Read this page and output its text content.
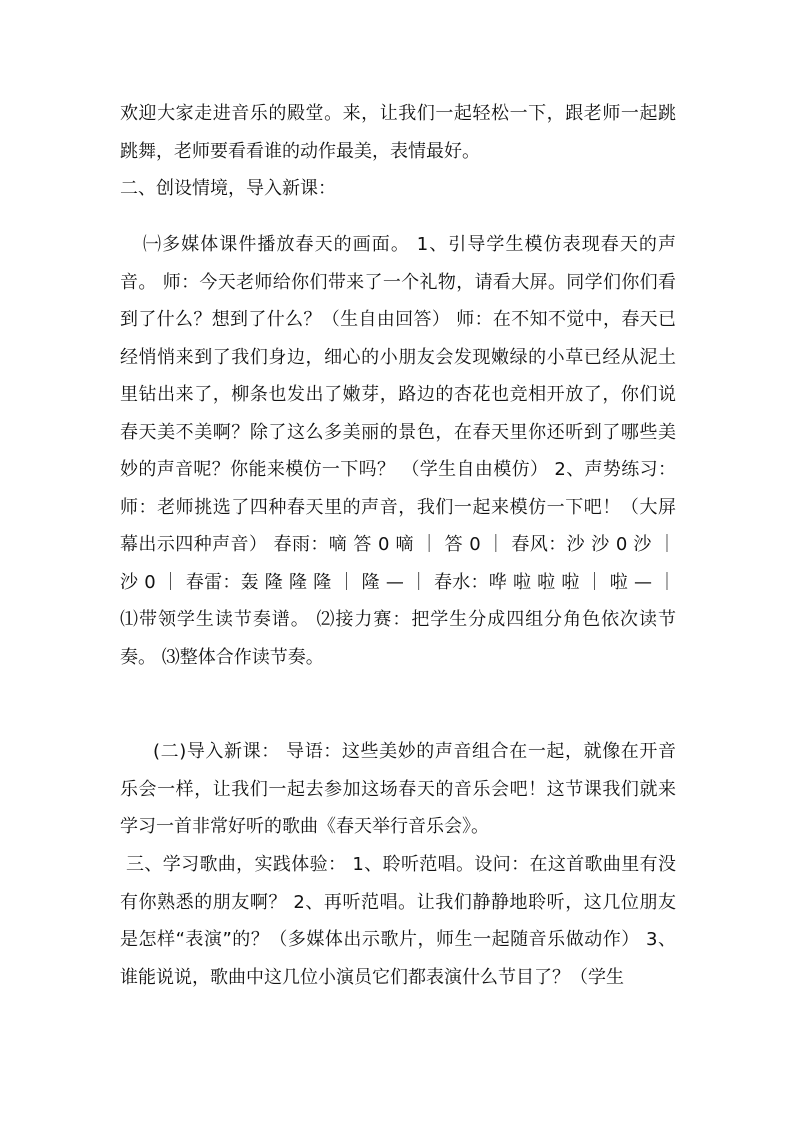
欢迎大家走进音乐的殿堂。来，让我们一起轻松一下，跟老师一起跳跳舞，老师要看看谁的动作最美，表情最好。
二、创设情境，导入新课：
㈠多媒体课件播放春天的画面。 1、引导学生模仿表现春天的声音。 师：今天老师给你们带来了一个礼物，请看大屏。同学们你们看到了什么？想到了什么？（生自由回答） 师：在不知不觉中，春天已经悄悄来到了我们身边，细心的小朋友会发现嫩绿的小草已经从泥土里钻出来了，柳条也发出了嫩芽，路边的杏花也竞相开放了，你们说春天美不美啊？除了这么多美丽的景色，在春天里你还听到了哪些美妙的声音呢？你能来模仿一下吗？ （学生自由模仿） 2、声势练习： 师：老师挑选了四种春天里的声音，我们一起来模仿一下吧！（大屏幕出示四种声音） 春雨：嘀 答 0 嘀 ｜ 答 0 ｜ 春风：沙 沙 0 沙 ｜ 沙 0 ｜ 春雷：轰 隆 隆 隆 ｜ 隆 — ｜ 春水：哗 啦 啦 啦 ｜ 啦 — ｜ ⑴带领学生读节奏谱。 ⑵接力赛：把学生分成四组分角色依次读节奏。 ⑶整体合作读节奏。
(二)导入新课： 导语：这些美妙的声音组合在一起，就像在开音乐会一样，让我们一起去参加这场春天的音乐会吧！这节课我们就来学习一首非常好听的歌曲《春天举行音乐会》。
三、学习歌曲，实践体验： 1、聆听范唱。设问：在这首歌曲里有没有你熟悉的朋友啊？ 2、再听范唱。让我们静静地聆听，这几位朋友是怎样“表演”的？（多媒体出示歌片，师生一起随音乐做动作） 3、谁能说说，歌曲中这几位小演员它们都表演什么节目了？（学生
